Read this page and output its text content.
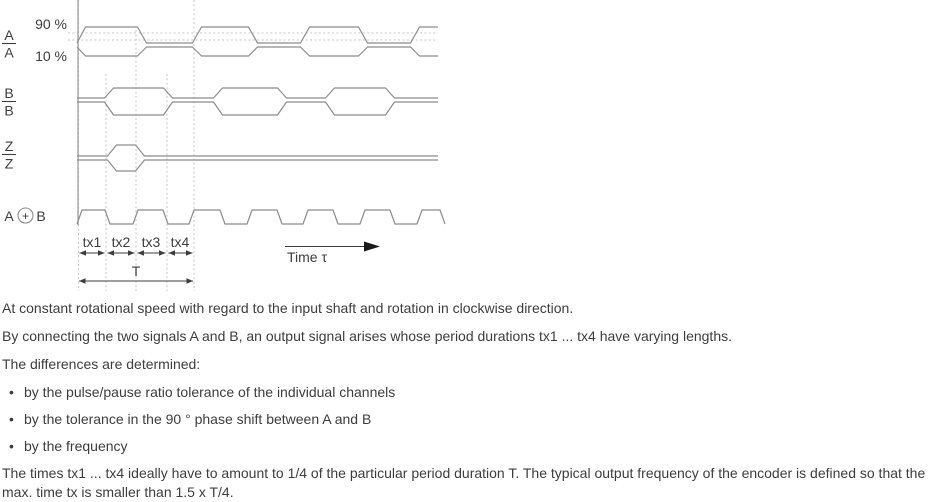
A
A
90 %
10 %
B
B
Z
Z
A + B
tx1 tx2 tx3 tx4
T
Time τ

At constant rotational speed with regard to the input shaft and rotation in clockwise direction.

By connecting the two signals A and B, an output signal arises whose period durations tx1 ... tx4 have varying lengths.

The differences are determined:

• by the pulse/pause ratio tolerance of the individual channels
• by the tolerance in the 90 ° phase shift between A and B
• by the frequency

The times tx1 ... tx4 ideally have to amount to 1/4 of the particular period duration T. The typical output frequency of the encoder is defined so that the max. time tx is smaller than 1.5 x T/4.
